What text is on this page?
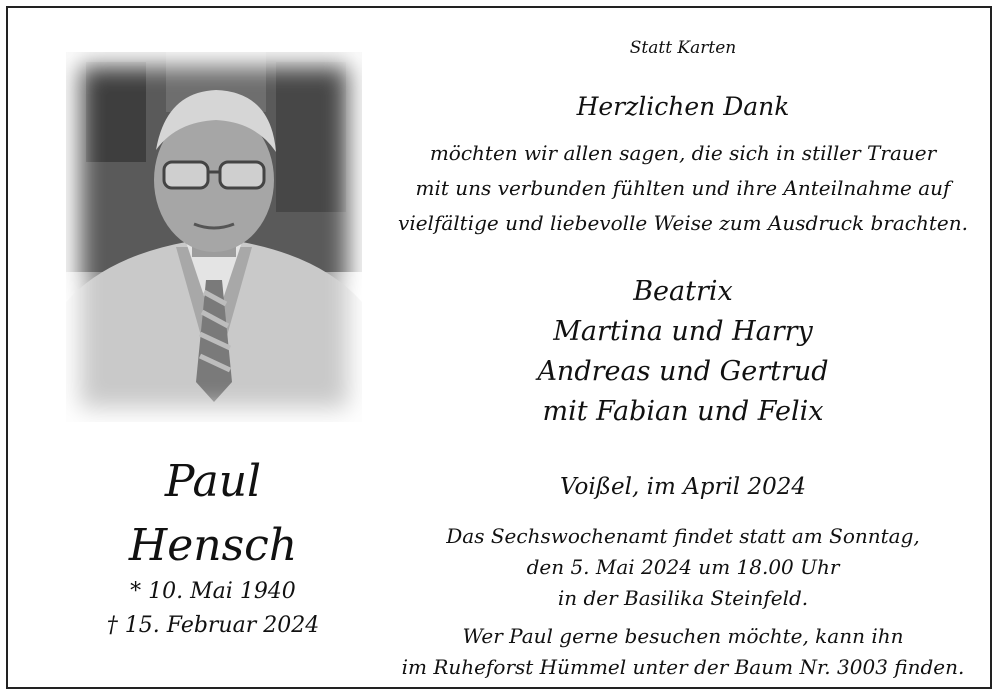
Paul
Hensch
* 10. Mai 1940
† 15. Februar 2024
Statt Karten
Herzlichen Dank
möchten wir allen sagen, die sich in stiller Trauer
mit uns verbunden fühlten und ihre Anteilnahme auf
vielfältige und liebevolle Weise zum Ausdruck brachten.
Beatrix
Martina und Harry
Andreas und Gertrud
mit Fabian und Felix
Voißel, im April 2024
Das Sechswochenamt findet statt am Sonntag,
den 5. Mai 2024 um 18.00 Uhr
in der Basilika Steinfeld.
Wer Paul gerne besuchen möchte, kann ihn
im Ruheforst Hümmel unter der Baum Nr. 3003 finden.
